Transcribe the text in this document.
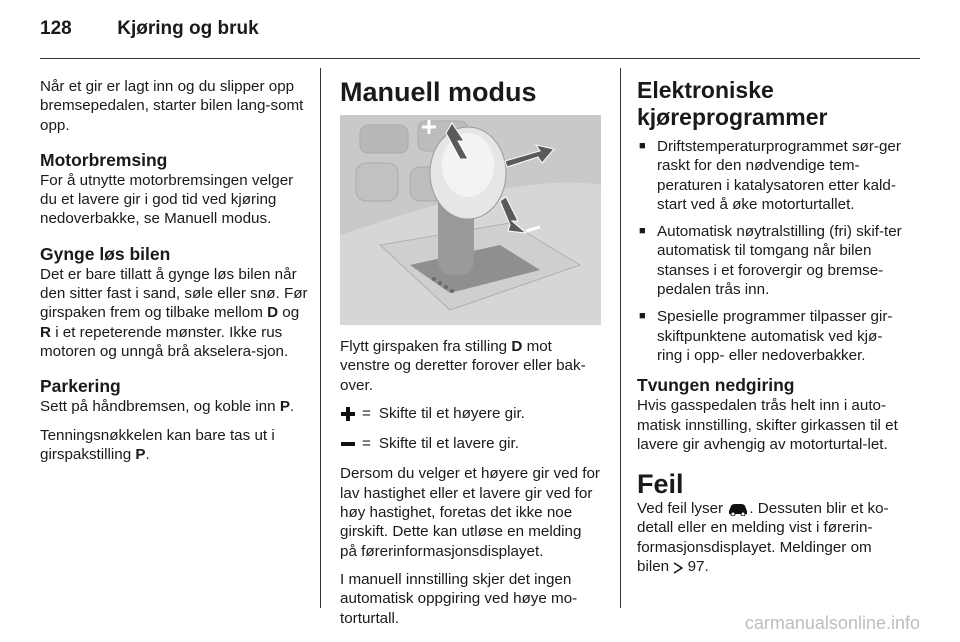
128 Kjøring og bruk

Når et gir er lagt inn og du slipper opp bremsepedalen, starter bilen lang-somt opp.

Motorbremsing

For å utnytte motorbremsingen velger du et lavere gir i god tid ved kjøring nedoverbakke, se Manuell modus.

Gynge løs bilen

Det er bare tillatt å gynge løs bilen når den sitter fast i sand, søle eller snø. Før girspaken frem og tilbake mellom D og R i et repeterende mønster. Ikke rus motoren og unngå brå akselera-sjon.

Parkering

Sett på håndbremsen, og koble inn P.

Tenningsnøkkelen kan bare tas ut i girspakstilling P.

Manuell modus

Flytt girspaken fra stilling D mot venstre og deretter forover eller bak-over.

= Skifte til et høyere gir.
= Skifte til et lavere gir.

Dersom du velger et høyere gir ved for lav hastighet eller et lavere gir ved for høy hastighet, foretas det ikke noe girskift. Dette kan utløse en melding på førerinformasjonsdisplayet.

I manuell innstilling skjer det ingen automatisk oppgiring ved høye mo-torturtall.

Elektroniske kjøreprogrammer
■ Driftstemperaturprogrammet sør-ger raskt for den nødvendige tem-peraturen i katalysatoren etter kald-start ved å øke motorturtallet.
■ Automatisk nøytralstilling (fri) skif-ter automatisk til tomgang når bilen stanses i et forovergir og bremse-pedalen trås inn.
■ Spesielle programmer tilpasser gir-skiftpunktene automatisk ved kjø-ring i opp- eller nedoverbakker.
Tvungen nedgiring

Hvis gasspedalen trås helt inn i auto-matisk innstilling, skifter girkassen til et lavere gir avhengig av motorturtal-let.

Feil

Ved feil lyser . Dessuten blir et ko-detall eller en melding vist i førerin-formasjonsdisplayet. Meldinger om bilen 97.

carmanualsonline.info
